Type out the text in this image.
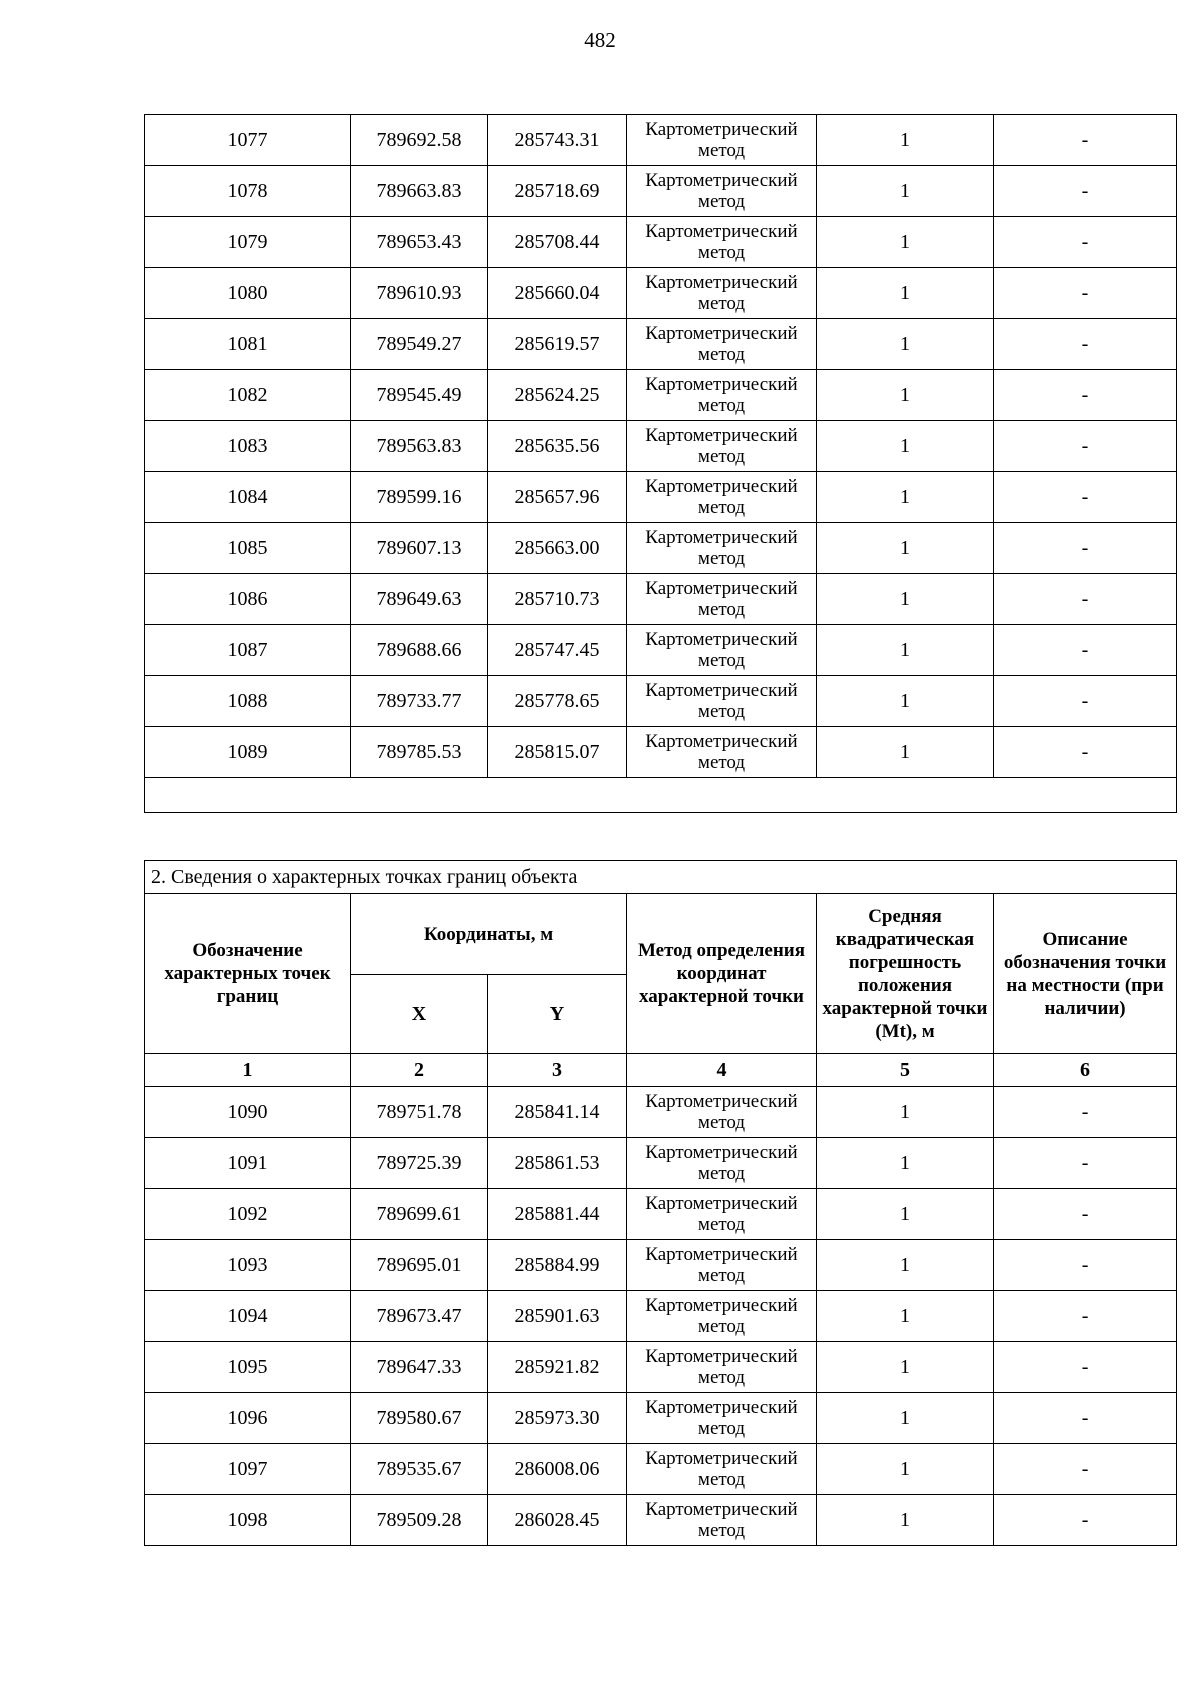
482
1077	789692.58	285743.31	Картометрический метод	1	-
1078	789663.83	285718.69	Картометрический метод	1	-
1079	789653.43	285708.44	Картометрический метод	1	-
1080	789610.93	285660.04	Картометрический метод	1	-
1081	789549.27	285619.57	Картометрический метод	1	-
1082	789545.49	285624.25	Картометрический метод	1	-
1083	789563.83	285635.56	Картометрический метод	1	-
1084	789599.16	285657.96	Картометрический метод	1	-
1085	789607.13	285663.00	Картометрический метод	1	-
1086	789649.63	285710.73	Картометрический метод	1	-
1087	789688.66	285747.45	Картометрический метод	1	-
1088	789733.77	285778.65	Картометрический метод	1	-
1089	789785.53	285815.07	Картометрический метод	1	-

2. Сведения о характерных точках границ объекта					
Обозначение характерных точек границ	Координаты, м		Метод определения координат характерной точки	Средняя квадратическая погрешность положения характерной точки (Mt), м	Описание обозначения точки на местности (при наличии)
	X	Y			
1	2	3	4	5	6
1090	789751.78	285841.14	Картометрический метод	1	-
1091	789725.39	285861.53	Картометрический метод	1	-
1092	789699.61	285881.44	Картометрический метод	1	-
1093	789695.01	285884.99	Картометрический метод	1	-
1094	789673.47	285901.63	Картометрический метод	1	-
1095	789647.33	285921.82	Картометрический метод	1	-
1096	789580.67	285973.30	Картометрический метод	1	-
1097	789535.67	286008.06	Картометрический метод	1	-
1098	789509.28	286028.45	Картометрический метод	1	-
